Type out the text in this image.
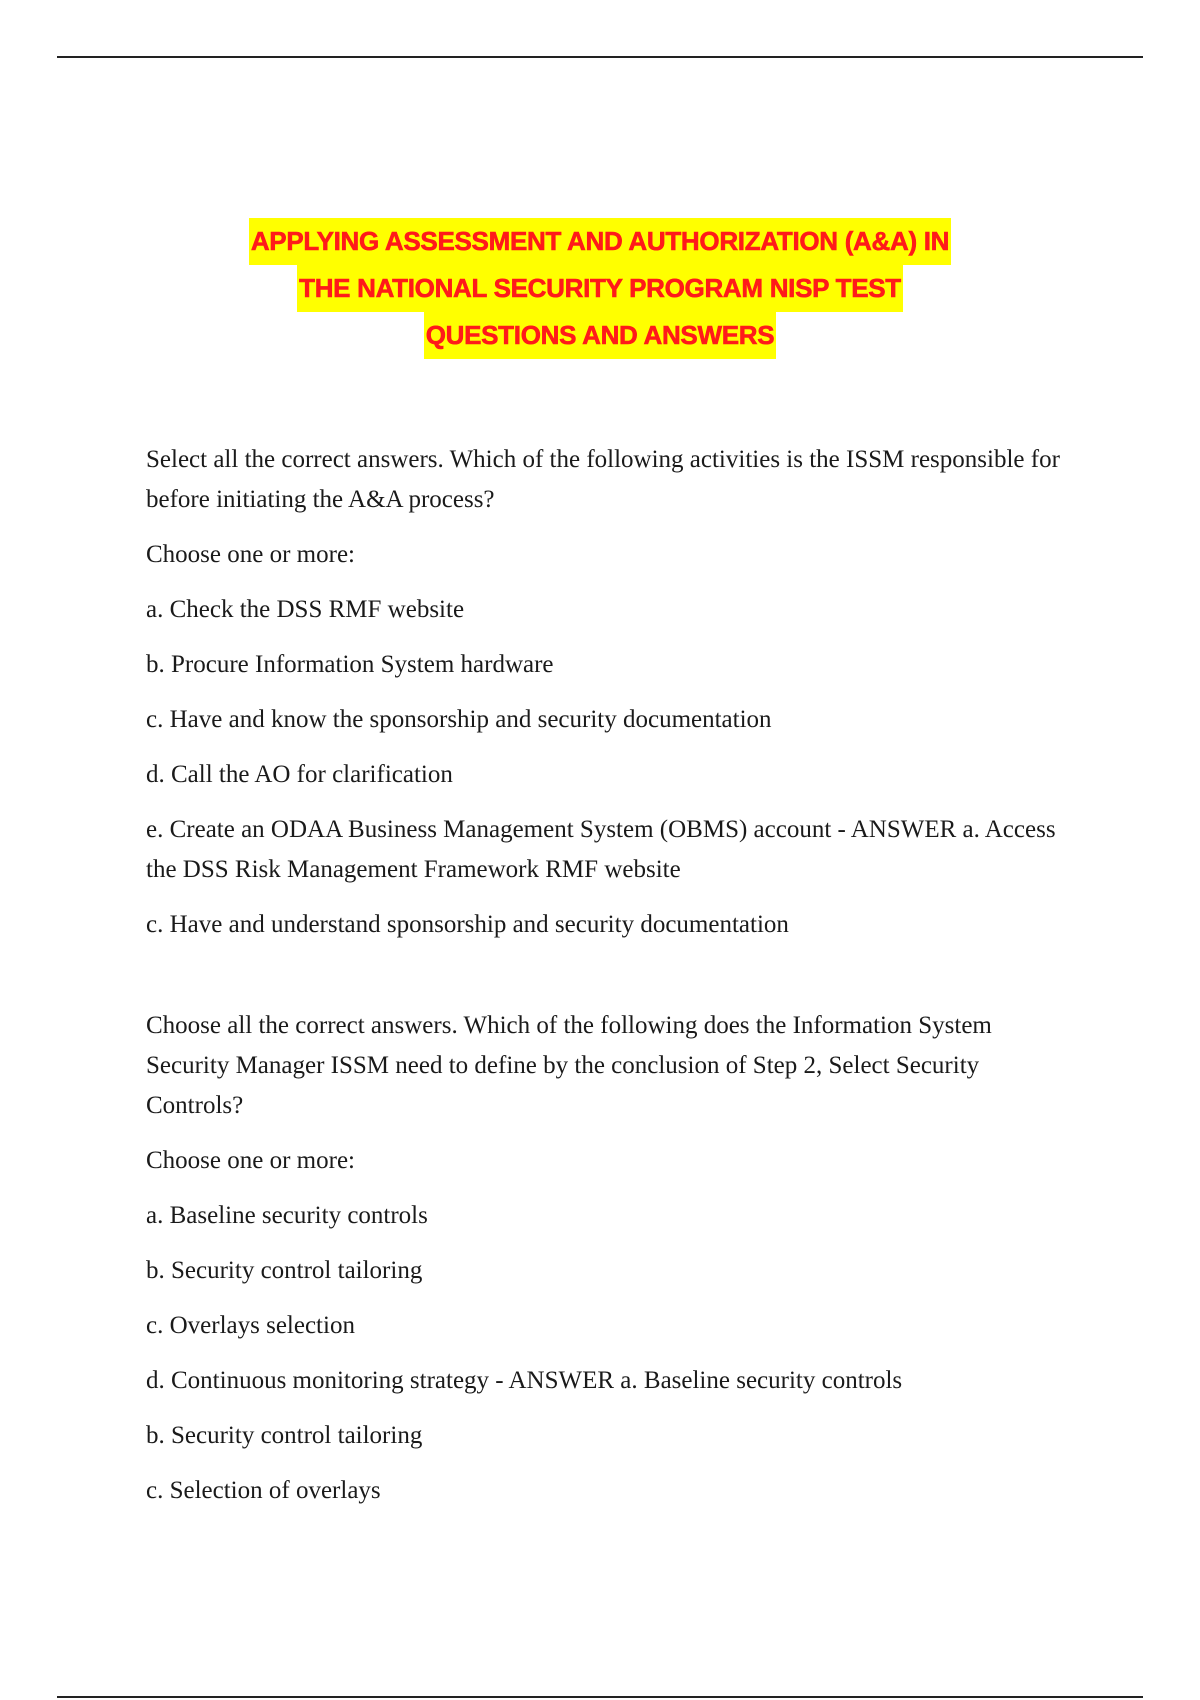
APPLYING ASSESSMENT AND AUTHORIZATION (A&A) IN
THE NATIONAL SECURITY PROGRAM NISP TEST
QUESTIONS AND ANSWERS

Select all the correct answers. Which of the following activities is the ISSM responsible for before initiating the A&A process?

Choose one or more:

a. Check the DSS RMF website

b. Procure Information System hardware

c. Have and know the sponsorship and security documentation

d. Call the AO for clarification

e. Create an ODAA Business Management System (OBMS) account - ANSWER a. Access the DSS Risk Management Framework RMF website

c. Have and understand sponsorship and security documentation

Choose all the correct answers. Which of the following does the Information System Security Manager ISSM need to define by the conclusion of Step 2, Select Security Controls?

Choose one or more:

a. Baseline security controls

b. Security control tailoring

c. Overlays selection

d. Continuous monitoring strategy - ANSWER a. Baseline security controls

b. Security control tailoring

c. Selection of overlays
